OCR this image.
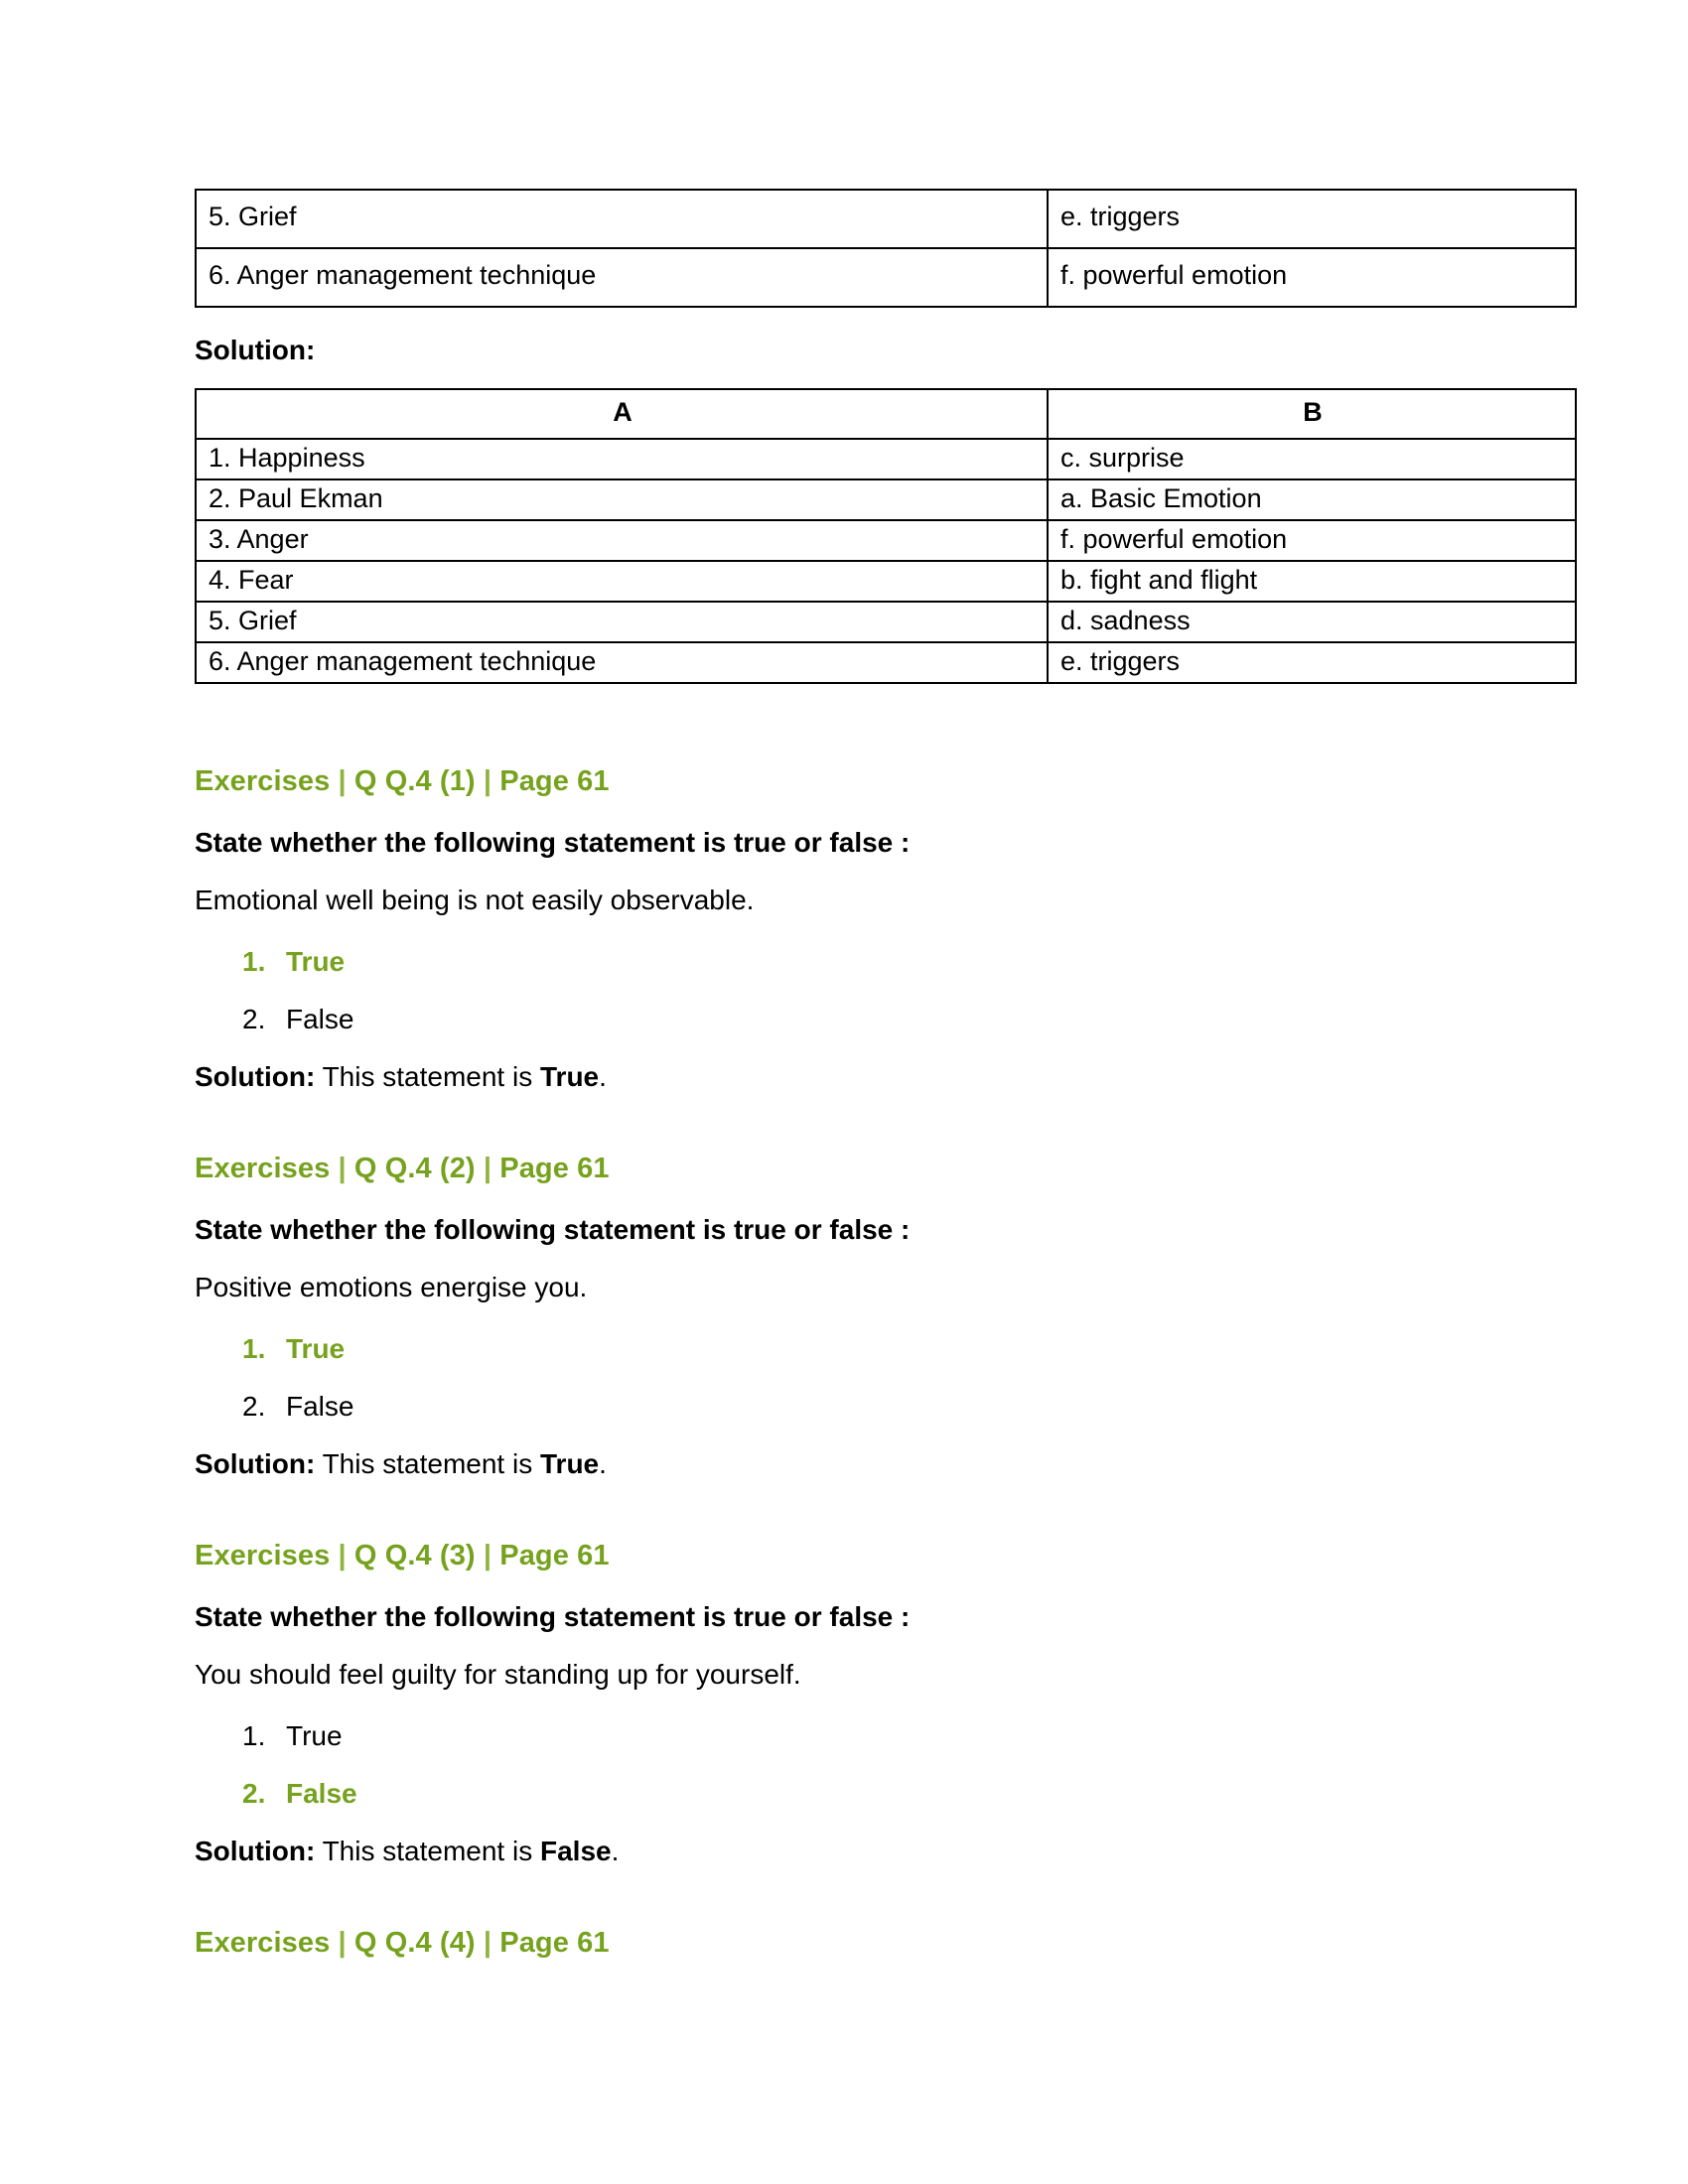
5. Grief	e. triggers
6. Anger management technique	f. powerful emotion
Solution:
A	B
1. Happiness	c. surprise
2. Paul Ekman	a. Basic Emotion
3. Anger	f. powerful emotion
4. Fear	b. fight and flight
5. Grief	d. sadness
6. Anger management technique	e. triggers
Exercises | Q Q.4 (1) | Page 61
State whether the following statement is true or false :
Emotional well being is not easily observable.
1. True
2. False
Solution: This statement is True.
Exercises | Q Q.4 (2) | Page 61
State whether the following statement is true or false :
Positive emotions energise you.
1. True
2. False
Solution: This statement is True.
Exercises | Q Q.4 (3) | Page 61
State whether the following statement is true or false :
You should feel guilty for standing up for yourself.
1. True
2. False
Solution: This statement is False.
Exercises | Q Q.4 (4) | Page 61
